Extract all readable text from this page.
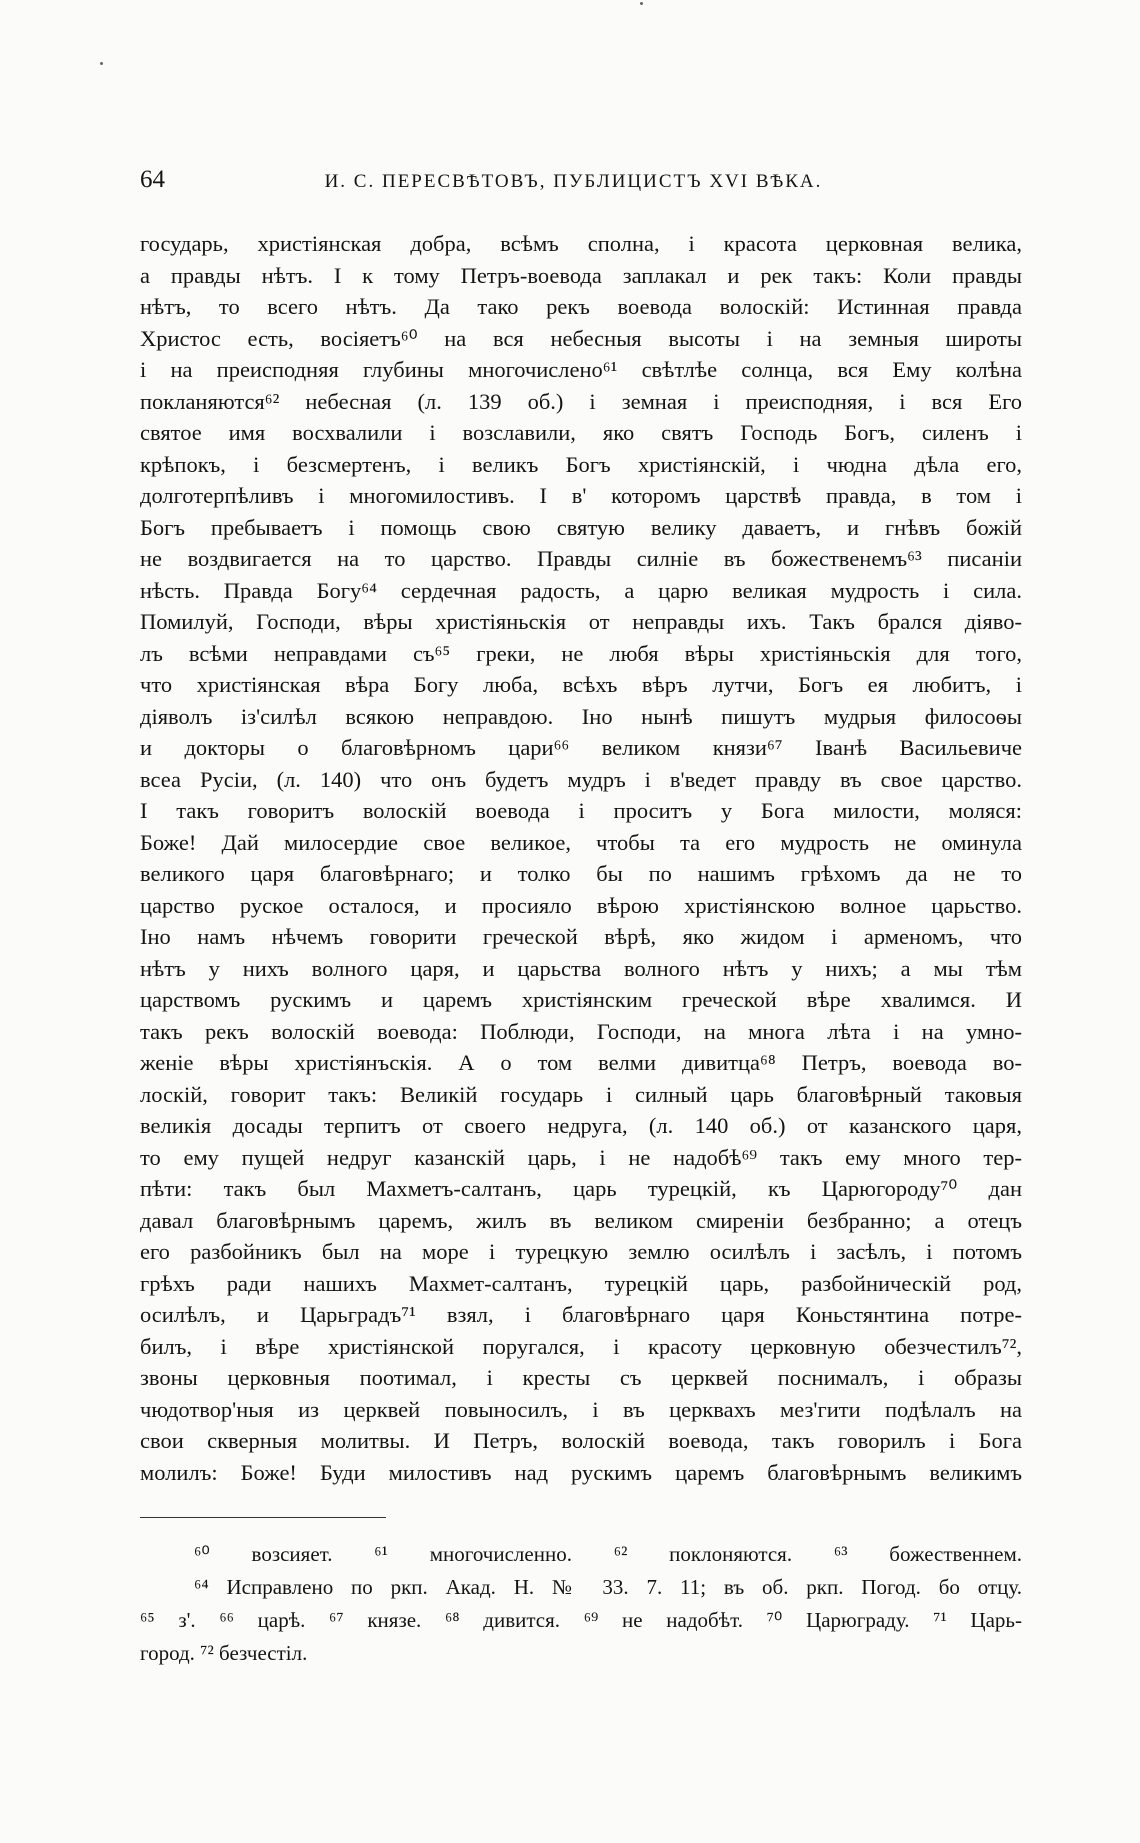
64	И. С. ПЕРЕСВѢТОВЪ, ПУБЛИЦИСТЪ XVI ВѢКА.
государь, христіянская добра, всѣмъ сполна, і красота церковная велика,
а правды нѣтъ. І к тому Петръ-воевода заплакал и рек такъ: Коли правды
нѣтъ, то всего нѣтъ. Да тако рекъ воевода волоскій: Истинная правда
Христос есть, восіяетъ⁶⁰ на вся небесныя высоты і на земныя широты
і на преисподняя глубины многочислено⁶¹ свѣтлѣе солнца, вся Ему колѣна
покланяются⁶² небесная (л. 139 об.) і земная і преисподняя, і вся Его
святое имя восхвалили і возславили, яко святъ Господь Богъ, силенъ і
крѣпокъ, і безсмертенъ, і великъ Богъ христіянскій, і чюдна дѣла его,
долготерпѣливъ і многомилостивъ. І в' которомъ царствѣ правда, в том і
Богъ пребываетъ і помощь свою святую велику даваетъ, и гнѣвъ божій
не воздвигается на то царство. Правды силніе въ божественемъ⁶³ писаніи
нѣсть. Правда Богу⁶⁴ сердечная радость, а царю великая мудрость і сила.
Помилуй, Господи, вѣры христіяньскія от неправды ихъ. Такъ брался діяво-
лъ всѣми неправдами съ⁶⁵ греки, не любя вѣры христіяньскія для того,
что христіянская вѣра Богу люба, всѣхъ вѣръ лутчи, Богъ ея любитъ, і
діяволъ із'силѣл всякою неправдою. Іно нынѣ пишутъ мудрыя филосоѳы
и докторы о благовѣрномъ цари⁶⁶ великом князи⁶⁷ Іванѣ Васильевиче
всеа Русіи, (л. 140) что онъ будетъ мудръ і в'ведет правду въ свое царство.
І такъ говоритъ волоскій воевода і проситъ у Бога милости, моляся:
Боже! Дай милосердие свое великое, чтобы та его мудрость не оминула
великого царя благовѣрнаго; и толко бы по нашимъ грѣхомъ да не то
царство руское осталося, и просияло вѣрою христіянскою волное царьство.
Іно намъ нѣчемъ говорити греческой вѣрѣ, яко жидом і арменомъ, что
нѣтъ у нихъ волного царя, и царьства волного нѣтъ у нихъ; а мы тѣм
царствомъ рускимъ и царемъ христіянским греческой вѣре хвалимся. И
такъ рекъ волоскій воевода: Поблюди, Господи, на многа лѣта і на умно-
женіе вѣры христіянъскія. А о том велми дивитца⁶⁸ Петръ, воевода во-
лоскій, говорит такъ: Великій государь і силный царь благовѣрный таковыя
великія досады терпитъ от своего недруга, (л. 140 об.) от казанского царя,
то ему пущей недруг казанскій царь, і не надобѣ⁶⁹ такъ ему много тер-
пѣти: такъ был Махметъ-салтанъ, царь турецкій, къ Царюгороду⁷⁰ дан
давал благовѣрнымъ царемъ, жилъ въ великом смиреніи безбранно; а отецъ
его разбойникъ был на море і турецкую землю осилѣлъ і засѣлъ, і потомъ
грѣхъ ради нашихъ Махмет-салтанъ, турецкій царь, разбойническій род,
осилѣлъ, и Царьградъ⁷¹ взял, і благовѣрнаго царя Коньстянтина потре-
билъ, і вѣре христіянской поругался, і красоту церковную обезчестилъ⁷²,
звоны церковныя поотимал, і кресты съ церквей поснималъ, і образы
чюдотвор'ныя из церквей повыносилъ, і въ церквахъ мез'гити подѣлалъ на
свои скверныя молитвы. И Петръ, волоскій воевода, такъ говорилъ і Бога
молилъ: Боже! Буди милостивъ над рускимъ царемъ благовѣрнымъ великимъ
⁶⁰ возсияет. ⁶¹ многочисленно. ⁶² поклоняются. ⁶³ божественнем.
⁶⁴ Исправлено по ркп. Акад. Н. № 33. 7. 11; въ об. ркп. Погод. бо отцу.
⁶⁵ з'. ⁶⁶ царѣ. ⁶⁷ князе. ⁶⁸ дивится. ⁶⁹ не надобѣт. ⁷⁰ Царюграду. ⁷¹ Царь-
город. ⁷² безчестіл.
